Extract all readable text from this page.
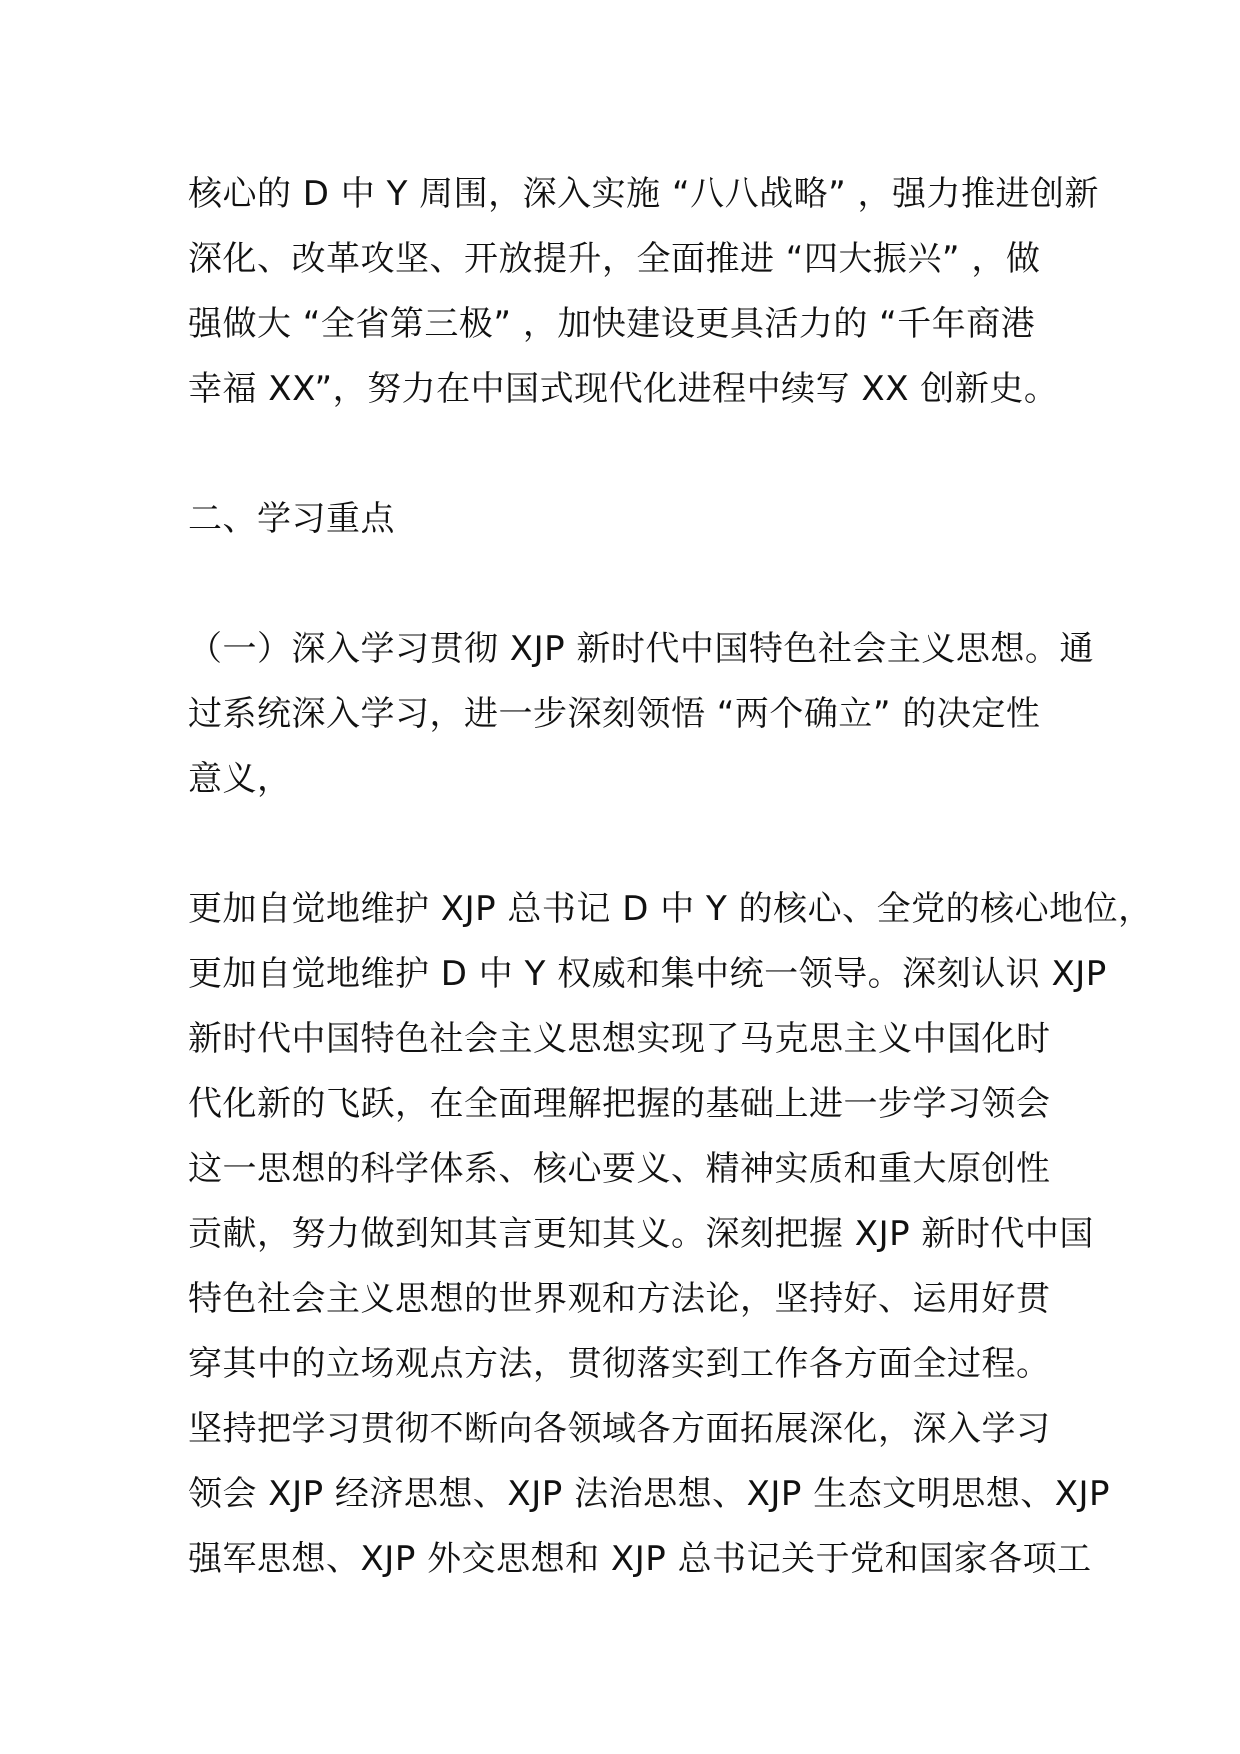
核心的 D 中 Y 周围，深入实施 “八八战略” ，强力推进创新
深化、改革攻坚、开放提升，全面推进 “四大振兴” ，做
强做大 “全省第三极” ，加快建设更具活力的 “千年商港
幸福 XX”，努力在中国式现代化进程中续写 XX 创新史。
二、学习重点
（一）深入学习贯彻 XJP 新时代中国特色社会主义思想。通
过系统深入学习，进一步深刻领悟 “两个确立” 的决定性
意义，
更加自觉地维护 XJP 总书记 D 中 Y 的核心、全党的核心地位，
更加自觉地维护 D 中 Y 权威和集中统一领导。深刻认识 XJP
新时代中国特色社会主义思想实现了马克思主义中国化时
代化新的飞跃，在全面理解把握的基础上进一步学习领会
这一思想的科学体系、核心要义、精神实质和重大原创性
贡献，努力做到知其言更知其义。深刻把握 XJP 新时代中国
特色社会主义思想的世界观和方法论，坚持好、运用好贯
穿其中的立场观点方法，贯彻落实到工作各方面全过程。
坚持把学习贯彻不断向各领域各方面拓展深化，深入学习
领会 XJP 经济思想、XJP 法治思想、XJP 生态文明思想、XJP
强军思想、XJP 外交思想和 XJP 总书记关于党和国家各项工
